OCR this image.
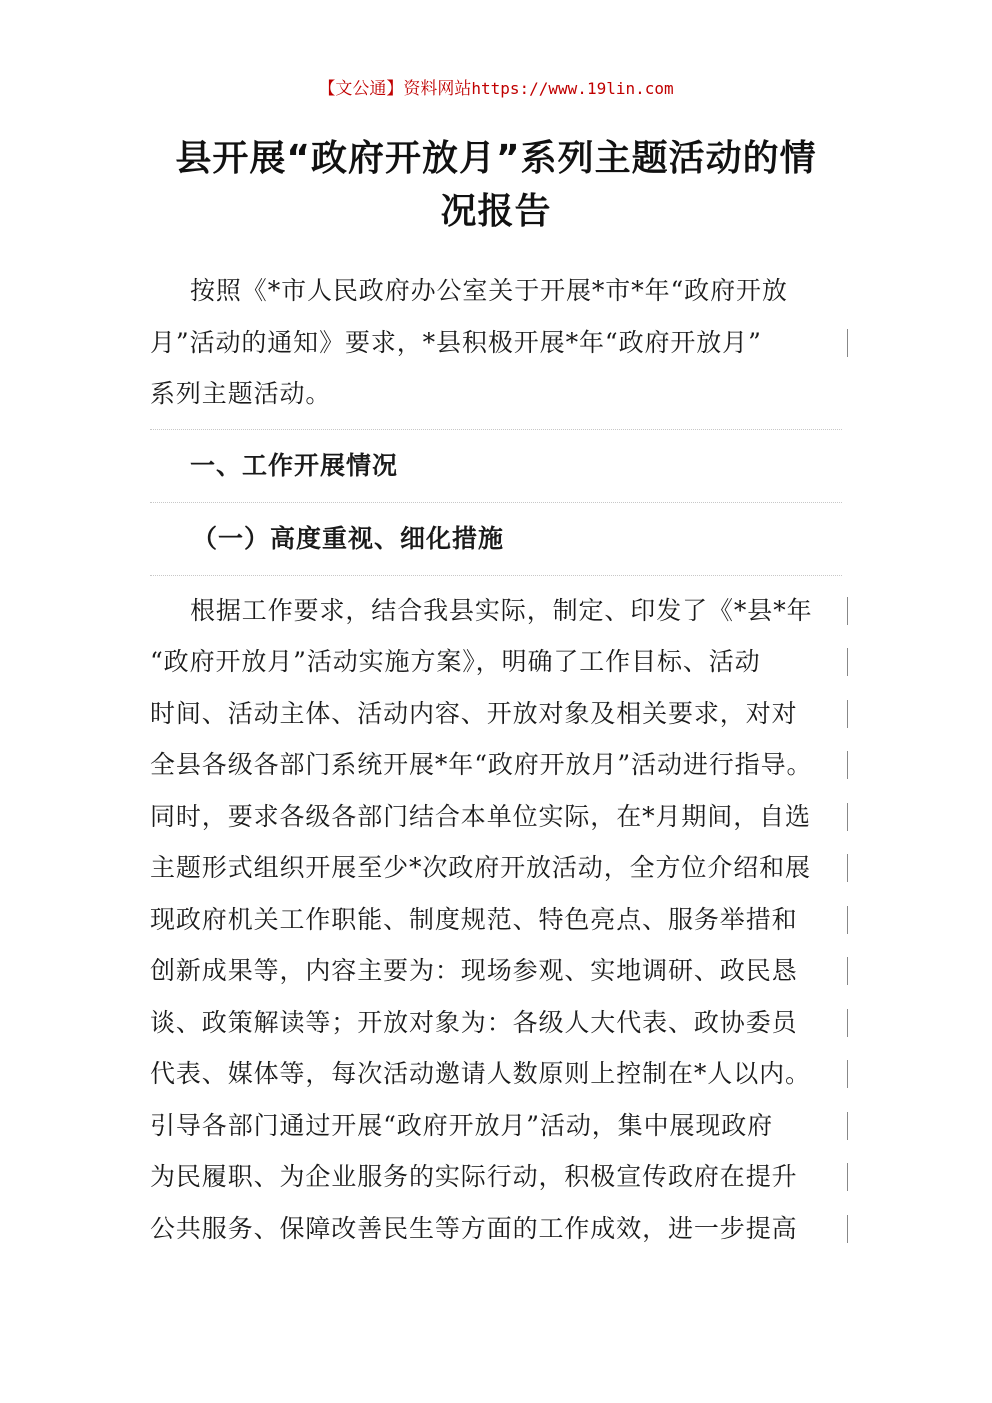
【文公通】资料网站https://www.19lin.com
县开展“政府开放月”系列主题活动的情
况报告
按照《*市人民政府办公室关于开展*市*年“政府开放
月”活动的通知》要求，*县积极开展*年“政府开放月”
系列主题活动。
一、工作开展情况
（一）高度重视、细化措施
根据工作要求，结合我县实际，制定、印发了《*县*年
“政府开放月”活动实施方案》，明确了工作目标、活动
时间、活动主体、活动内容、开放对象及相关要求，对对
全县各级各部门系统开展*年“政府开放月”活动进行指导。
同时，要求各级各部门结合本单位实际，在*月期间，自选
主题形式组织开展至少*次政府开放活动，全方位介绍和展
现政府机关工作职能、制度规范、特色亮点、服务举措和
创新成果等，内容主要为：现场参观、实地调研、政民恳
谈、政策解读等；开放对象为：各级人大代表、政协委员
代表、媒体等，每次活动邀请人数原则上控制在*人以内。
引导各部门通过开展“政府开放月”活动，集中展现政府
为民履职、为企业服务的实际行动，积极宣传政府在提升
公共服务、保障改善民生等方面的工作成效，进一步提高
